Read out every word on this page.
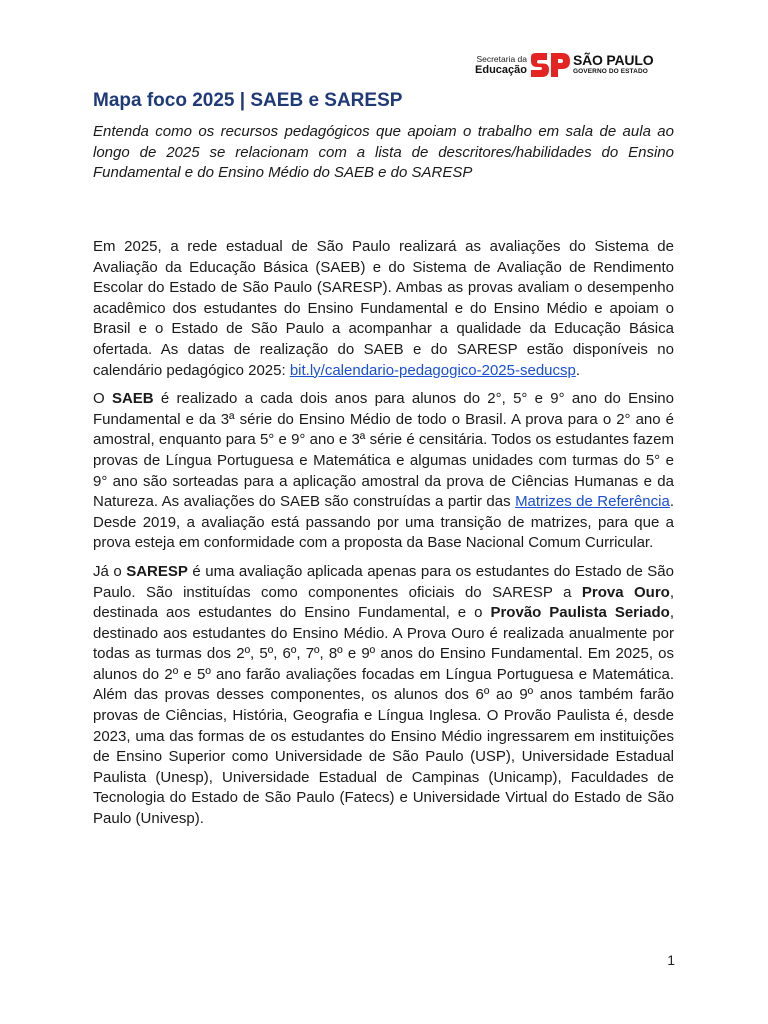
Secretaria da
Educação
SÃO PAULO
GOVERNO DO ESTADO
Mapa foco 2025 | SAEB e SARESP

Entenda como os recursos pedagógicos que apoiam o trabalho em sala de aula ao longo de 2025 se relacionam com a lista de descritores/habilidades do Ensino Fundamental e do Ensino Médio do SAEB e do SARESP

Em 2025, a rede estadual de São Paulo realizará as avaliações do Sistema de Avaliação da Educação Básica (SAEB) e do Sistema de Avaliação de Rendimento Escolar do Estado de São Paulo (SARESP). Ambas as provas avaliam o desempenho acadêmico dos estudantes do Ensino Fundamental e do Ensino Médio e apoiam o Brasil e o Estado de São Paulo a acompanhar a qualidade da Educação Básica ofertada. As datas de realização do SAEB e do SARESP estão disponíveis no calendário pedagógico 2025: bit.ly/calendario-pedagogico-2025-seducsp.

O SAEB é realizado a cada dois anos para alunos do 2°, 5° e 9° ano do Ensino Fundamental e da 3ª série do Ensino Médio de todo o Brasil. A prova para o 2° ano é amostral, enquanto para 5° e 9° ano e 3ª série é censitária. Todos os estudantes fazem provas de Língua Portuguesa e Matemática e algumas unidades com turmas do 5° e 9° ano são sorteadas para a aplicação amostral da prova de Ciências Humanas e da Natureza. As avaliações do SAEB são construídas a partir das Matrizes de Referência. Desde 2019, a avaliação está passando por uma transição de matrizes, para que a prova esteja em conformidade com a proposta da Base Nacional Comum Curricular.

Já o SARESP é uma avaliação aplicada apenas para os estudantes do Estado de São Paulo. São instituídas como componentes oficiais do SARESP a Prova Ouro, destinada aos estudantes do Ensino Fundamental, e o Provão Paulista Seriado, destinado aos estudantes do Ensino Médio. A Prova Ouro é realizada anualmente por todas as turmas dos 2º, 5º, 6º, 7º, 8º e 9º anos do Ensino Fundamental. Em 2025, os alunos do 2º e 5º ano farão avaliações focadas em Língua Portuguesa e Matemática. Além das provas desses componentes, os alunos dos 6º ao 9º anos também farão provas de Ciências, História, Geografia e Língua Inglesa. O Provão Paulista é, desde 2023, uma das formas de os estudantes do Ensino Médio ingressarem em instituições de Ensino Superior como Universidade de São Paulo (USP), Universidade Estadual Paulista (Unesp), Universidade Estadual de Campinas (Unicamp), Faculdades de Tecnologia do Estado de São Paulo (Fatecs) e Universidade Virtual do Estado de São Paulo (Univesp).

1
